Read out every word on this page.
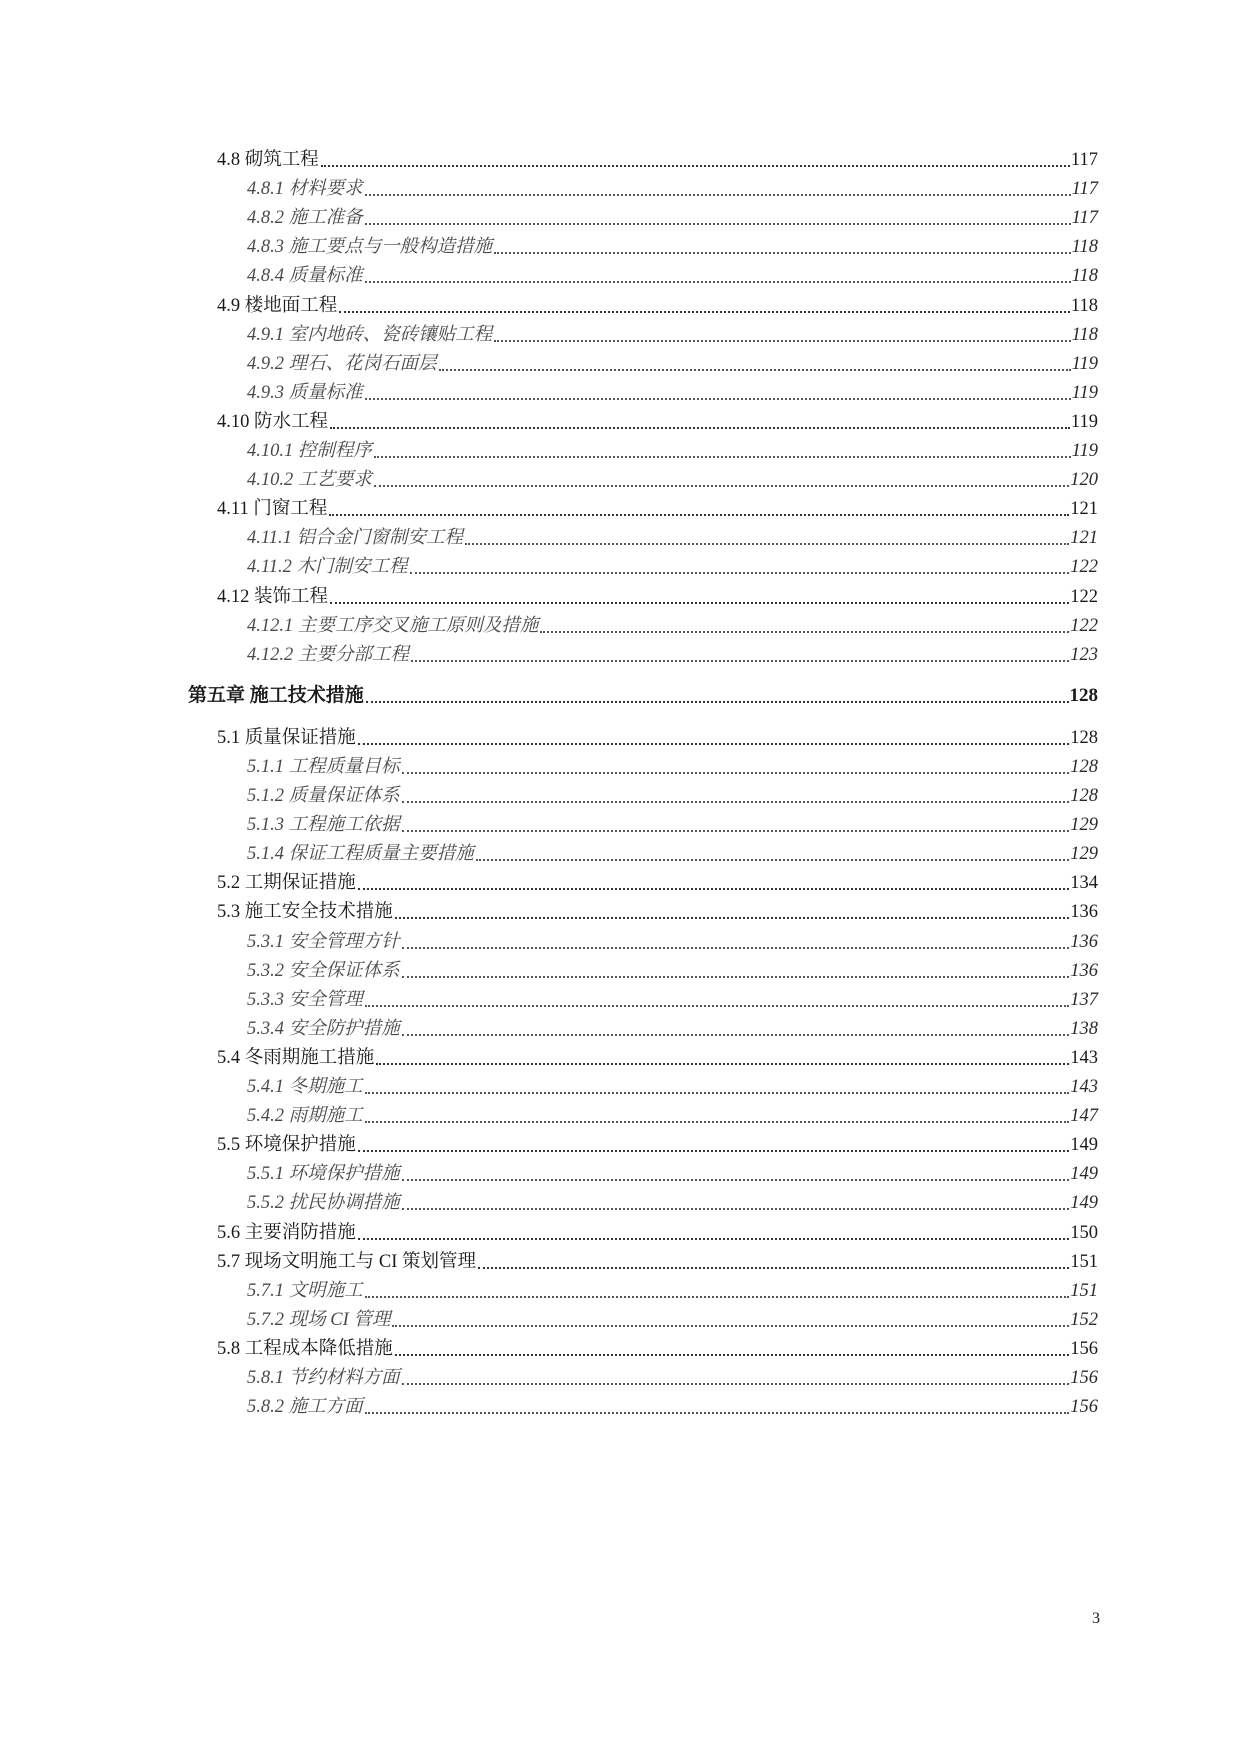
4.8 砌筑工程	117
4.8.1 材料要求	117
4.8.2 施工准备	117
4.8.3 施工要点与一般构造措施	118
4.8.4 质量标准	118
4.9 楼地面工程	118
4.9.1 室内地砖、瓷砖镶贴工程	118
4.9.2 理石、花岗石面层	119
4.9.3 质量标准	119
4.10 防水工程	119
4.10.1 控制程序	119
4.10.2 工艺要求	120
4.11 门窗工程	121
4.11.1 铝合金门窗制安工程	121
4.11.2 木门制安工程	122
4.12 装饰工程	122
4.12.1 主要工序交叉施工原则及措施	122
4.12.2 主要分部工程	123
第五章 施工技术措施	128
5.1 质量保证措施	128
5.1.1 工程质量目标	128
5.1.2 质量保证体系	128
5.1.3 工程施工依据	129
5.1.4 保证工程质量主要措施	129
5.2 工期保证措施	134
5.3 施工安全技术措施	136
5.3.1 安全管理方针	136
5.3.2 安全保证体系	136
5.3.3 安全管理	137
5.3.4 安全防护措施	138
5.4 冬雨期施工措施	143
5.4.1 冬期施工	143
5.4.2 雨期施工	147
5.5 环境保护措施	149
5.5.1 环境保护措施	149
5.5.2 扰民协调措施	149
5.6 主要消防措施	150
5.7 现场文明施工与 CI 策划管理	151
5.7.1 文明施工	151
5.7.2 现场 CI 管理	152
5.8 工程成本降低措施	156
5.8.1 节约材料方面	156
5.8.2 施工方面	156
3
